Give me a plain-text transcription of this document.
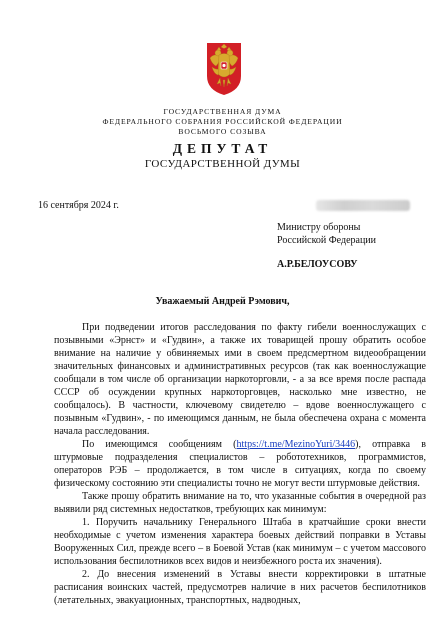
ГОСУДАРСТВЕННАЯ ДУМА
ФЕДЕРАЛЬНОГО СОБРАНИЯ РОССИЙСКОЙ ФЕДЕРАЦИИ
ВОСЬМОГО СОЗЫВА
ДЕПУТАТ
ГОСУДАРСТВЕННОЙ ДУМЫ
16 сентября 2024 г.
Министру обороны
Российской Федерации
А.Р.БЕЛОУСОВУ
Уважаемый Андрей Рэмович,

При подведении итогов расследования по факту гибели военнослужащих с позывными «Эрнст» и «Гудвин», а также их товарищей прошу обратить особое внимание на наличие у обвиняемых ими в своем предсмертном видеообращении значительных финансовых и административных ресурсов (так как военнослужащие сообщали в том числе об организации наркоторговли, - а за все время после распада СССР об осуждении крупных наркоторговцев, насколько мне известно, не сообщалось). В частности, ключевому свидетелю – вдове военнослужащего с позывным «Гудвин», - по имеющимся данным, не была обеспечена охрана с момента начала расследования.

По имеющимся сообщениям (https://t.me/MezinoYuri/3446), отправка в штурмовые подразделения специалистов – робототехников, программистов, операторов РЭБ – продолжается, в том числе в ситуациях, когда по своему физическому состоянию эти специалисты точно не могут вести штурмовые действия.

Также прошу обратить внимание на то, что указанные события в очередной раз выявили ряд системных недостатков, требующих как минимум:

1. Поручить начальнику Генерального Штаба в кратчайшие сроки внести необходимые с учетом изменения характера боевых действий поправки в Уставы Вооруженных Сил, прежде всего – в Боевой Устав (как минимум – с учетом массового использования беспилотников всех видов и неизбежного роста их значения).

2. До внесения изменений в Уставы внести корректировки в штатные расписания воинских частей, предусмотрев наличие в них расчетов беспилотников (летательных, эвакуационных, транспортных, надводных,
